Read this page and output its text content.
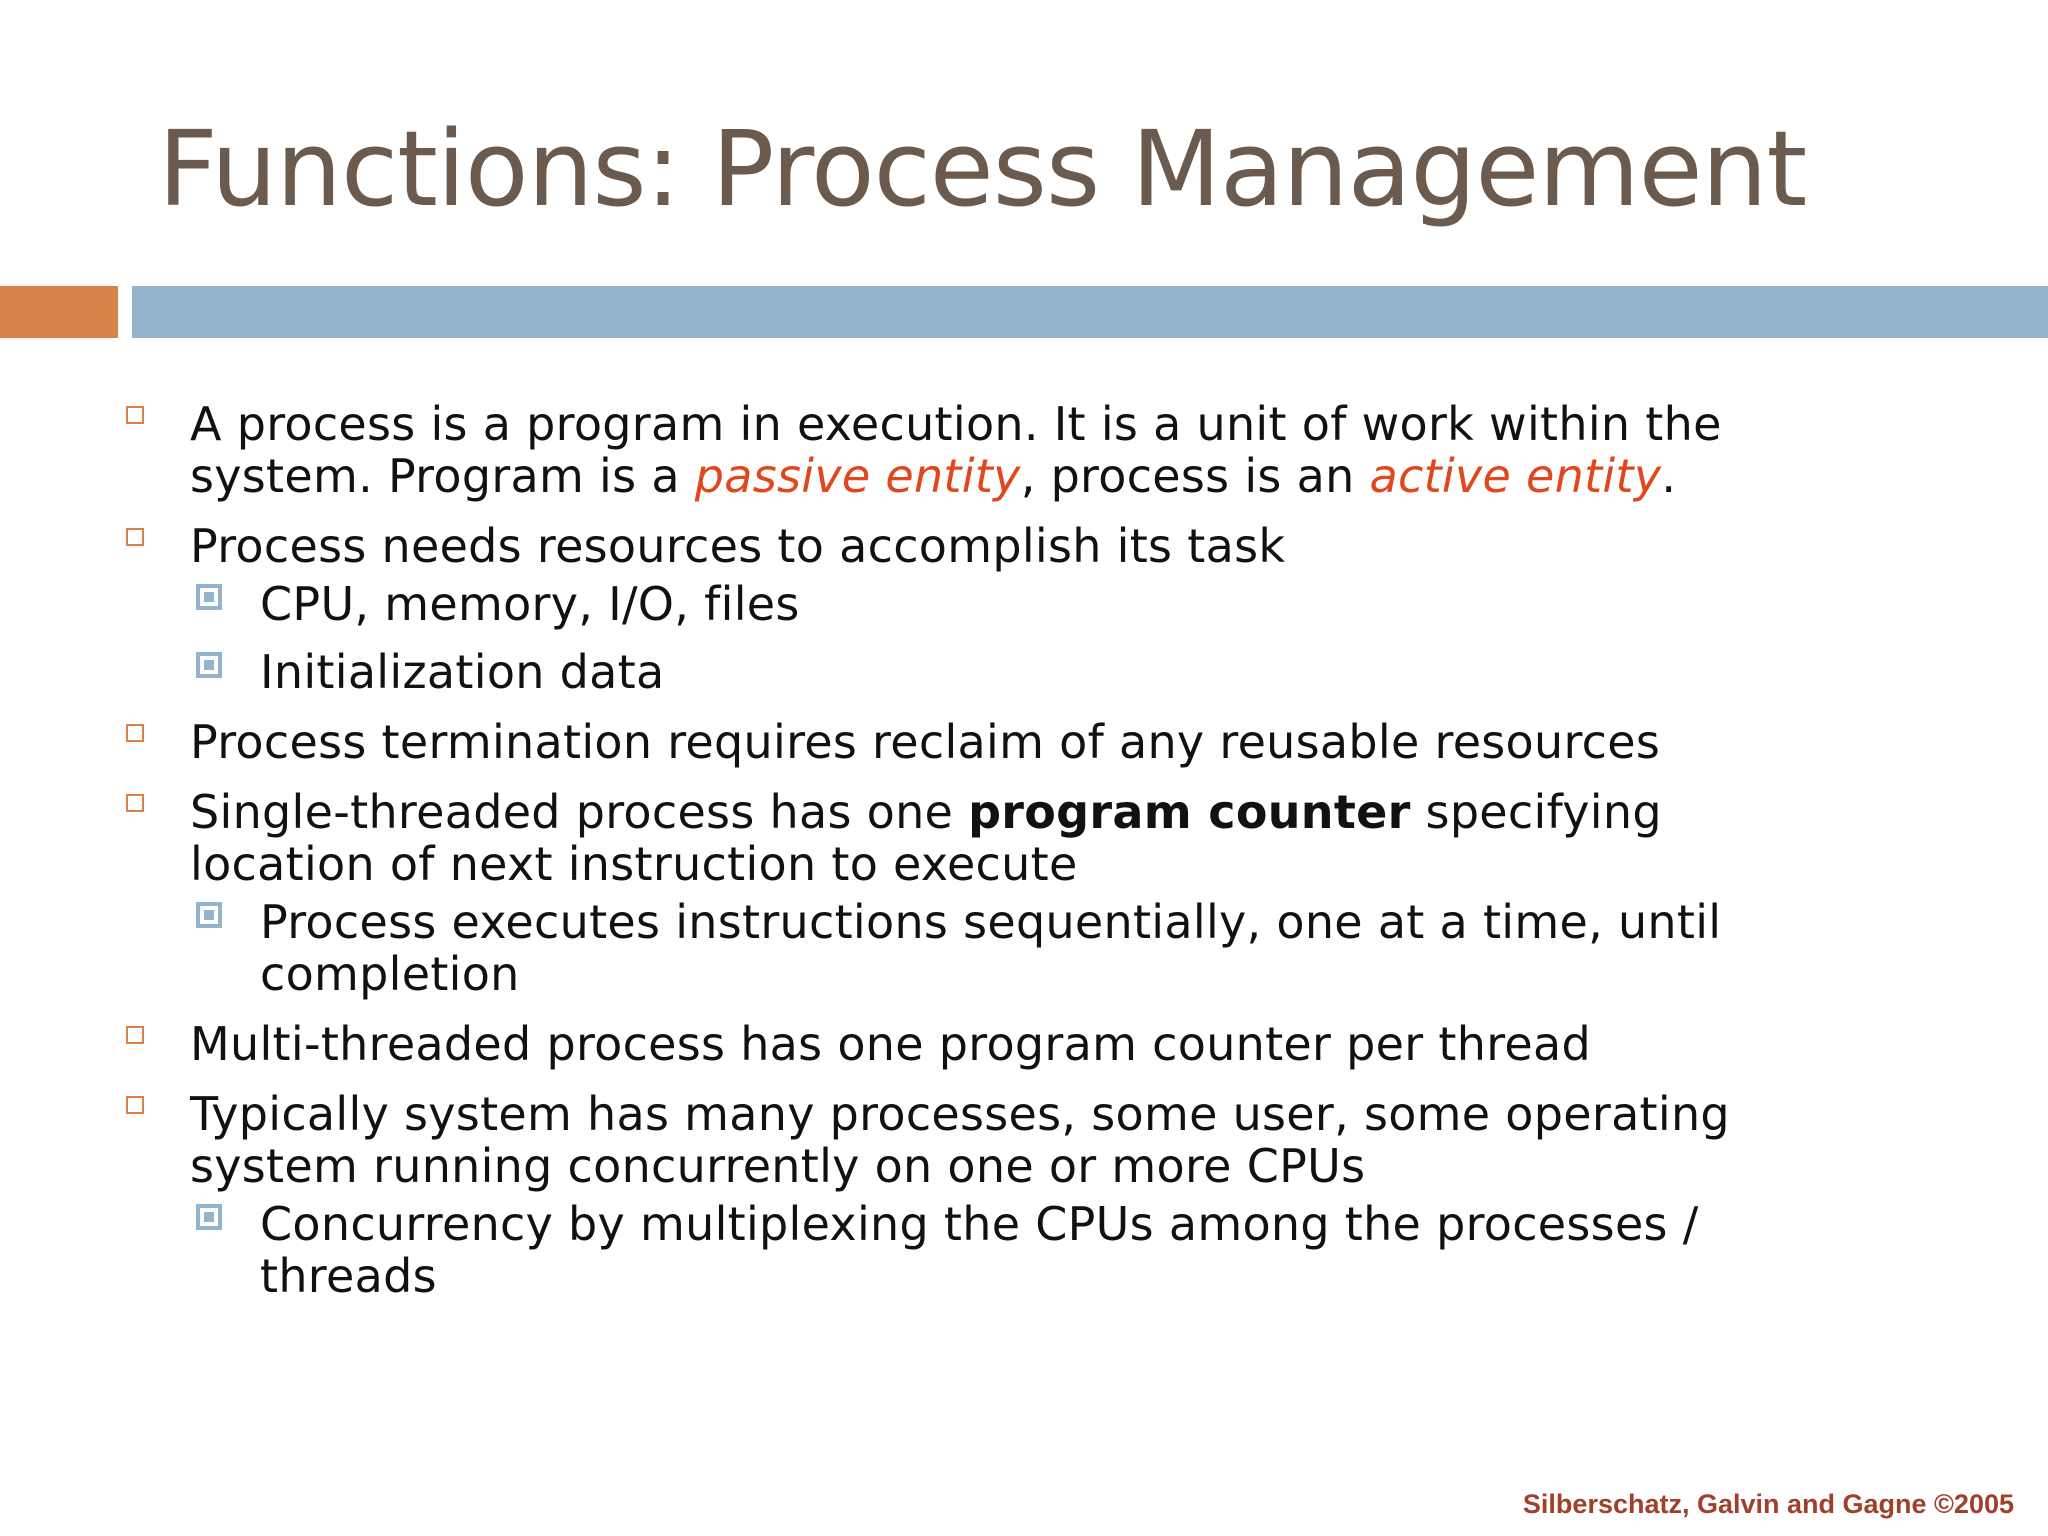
Functions: Process Management
A process is a program in execution. It is a unit of work within the system. Program is a passive entity, process is an active entity.
Process needs resources to accomplish its task
CPU, memory, I/O, files
Initialization data
Process termination requires reclaim of any reusable resources
Single-threaded process has one program counter specifying location of next instruction to execute
Process executes instructions sequentially, one at a time, until completion
Multi-threaded process has one program counter per thread
Typically system has many processes, some user, some operating system running concurrently on one or more CPUs
Concurrency by multiplexing the CPUs among the processes / threads
Silberschatz, Galvin and Gagne ©2005
